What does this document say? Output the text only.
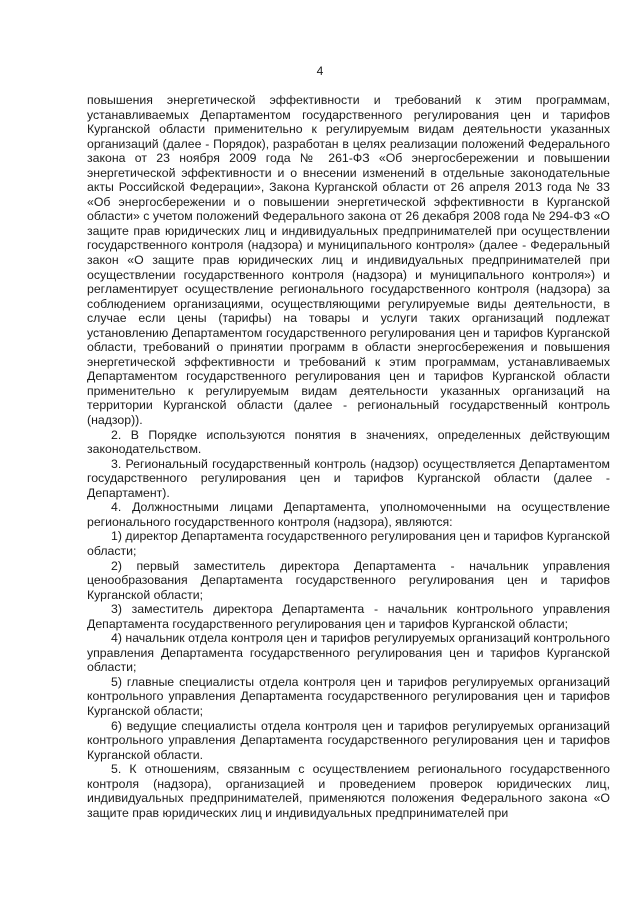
4

повышения энергетической эффективности и требований к этим программам, устанавливаемых Департаментом государственного регулирования цен и тарифов Курганской области применительно к регулируемым видам деятельности указанных организаций (далее - Порядок), разработан в целях реализации положений Федерального закона от 23 ноября 2009 года № 261-ФЗ «Об энергосбережении и повышении энергетической эффективности и о внесении изменений в отдельные законодательные акты Российской Федерации», Закона Курганской области от 26 апреля 2013 года № 33 «Об энергосбережении и о повышении энергетической эффективности в Курганской области» с учетом положений Федерального закона от 26 декабря 2008 года № 294-ФЗ «О защите прав юридических лиц и индивидуальных предпринимателей при осуществлении государственного контроля (надзора) и муниципального контроля» (далее - Федеральный закон «О защите прав юридических лиц и индивидуальных предпринимателей при осуществлении государственного контроля (надзора) и муниципального контроля») и регламентирует осуществление регионального государственного контроля (надзора) за соблюдением организациями, осуществляющими регулируемые виды деятельности, в случае если цены (тарифы) на товары и услуги таких организаций подлежат установлению Департаментом государственного регулирования цен и тарифов Курганской области, требований о принятии программ в области энергосбережения и повышения энергетической эффективности и требований к этим программам, устанавливаемых Департаментом государственного регулирования цен и тарифов Курганской области применительно к регулируемым видам деятельности указанных организаций на территории Курганской области (далее - региональный государственный контроль (надзор)).

2. В Порядке используются понятия в значениях, определенных действующим законодательством.

3. Региональный государственный контроль (надзор) осуществляется Департаментом государственного регулирования цен и тарифов Курганской области (далее - Департамент).

4. Должностными лицами Департамента, уполномоченными на осуществление регионального государственного контроля (надзора), являются:

1) директор Департамента государственного регулирования цен и тарифов Курганской области;

2) первый заместитель директора Департамента - начальник управления ценообразования Департамента государственного регулирования цен и тарифов Курганской области;

3) заместитель директора Департамента - начальник контрольного управления Департамента государственного регулирования цен и тарифов Курганской области;

4) начальник отдела контроля цен и тарифов регулируемых организаций контрольного управления Департамента государственного регулирования цен и тарифов Курганской области;

5) главные специалисты отдела контроля цен и тарифов регулируемых организаций контрольного управления Департамента государственного регулирования цен и тарифов Курганской области;

6) ведущие специалисты отдела контроля цен и тарифов регулируемых организаций контрольного управления Департамента государственного регулирования цен и тарифов Курганской области.

5. К отношениям, связанным с осуществлением регионального государственного контроля (надзора), организацией и проведением проверок юридических лиц, индивидуальных предпринимателей, применяются положения Федерального закона «О защите прав юридических лиц и индивидуальных предпринимателей при
